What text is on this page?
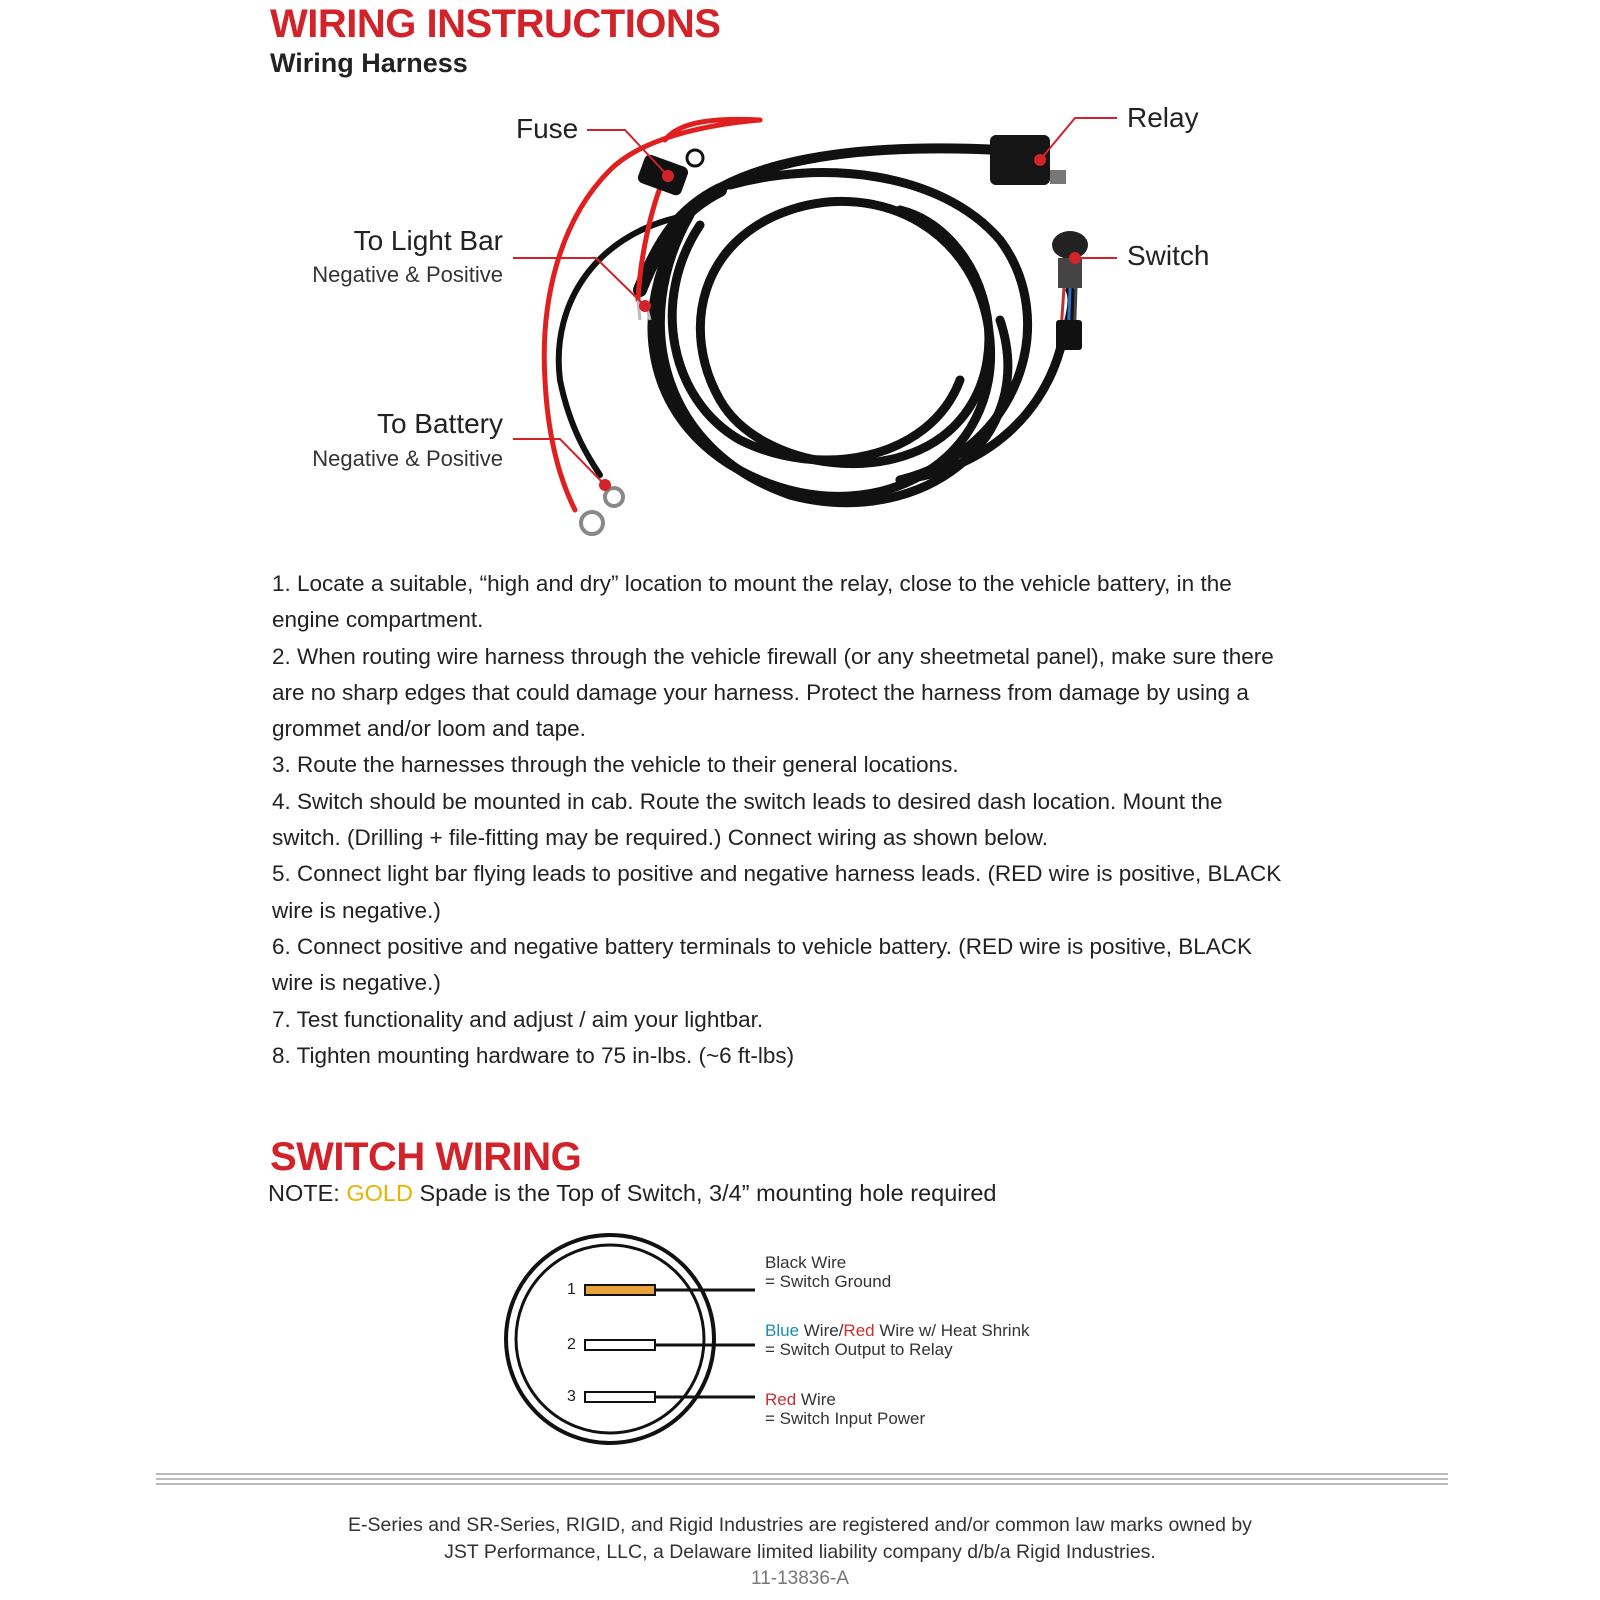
WIRING INSTRUCTIONS
Wiring Harness
Fuse
To Light Bar
Negative & Positive
To Battery
Negative & Positive
Relay
Switch
1. Locate a suitable, “high and dry” location to mount the relay, close to the vehicle battery, in the
engine compartment.
2. When routing wire harness through the vehicle firewall (or any sheetmetal panel), make sure there
are no sharp edges that could damage your harness. Protect the harness from damage by using a
grommet and/or loom and tape.
3. Route the harnesses through the vehicle to their general locations.
4. Switch should be mounted in cab. Route the switch leads to desired dash location. Mount the
switch. (Drilling + file-fitting may be required.) Connect wiring as shown below.
5. Connect light bar flying leads to positive and negative harness leads. (RED wire is positive, BLACK
wire is negative.)
6. Connect positive and negative battery terminals to vehicle battery. (RED wire is positive, BLACK
wire is negative.)
7. Test functionality and adjust / aim your lightbar.
8. Tighten mounting hardware to 75 in-lbs. (~6 ft-lbs)
SWITCH WIRING
NOTE: GOLD Spade is the Top of Switch, 3/4” mounting hole required
1
2
3
Black Wire
= Switch Ground
Blue Wire/Red Wire w/ Heat Shrink
= Switch Output to Relay
Red Wire
= Switch Input Power
E-Series and SR-Series, RIGID, and Rigid Industries are registered and/or common law marks owned by
JST Performance, LLC, a Delaware limited liability company d/b/a Rigid Industries.
11-13836-A
